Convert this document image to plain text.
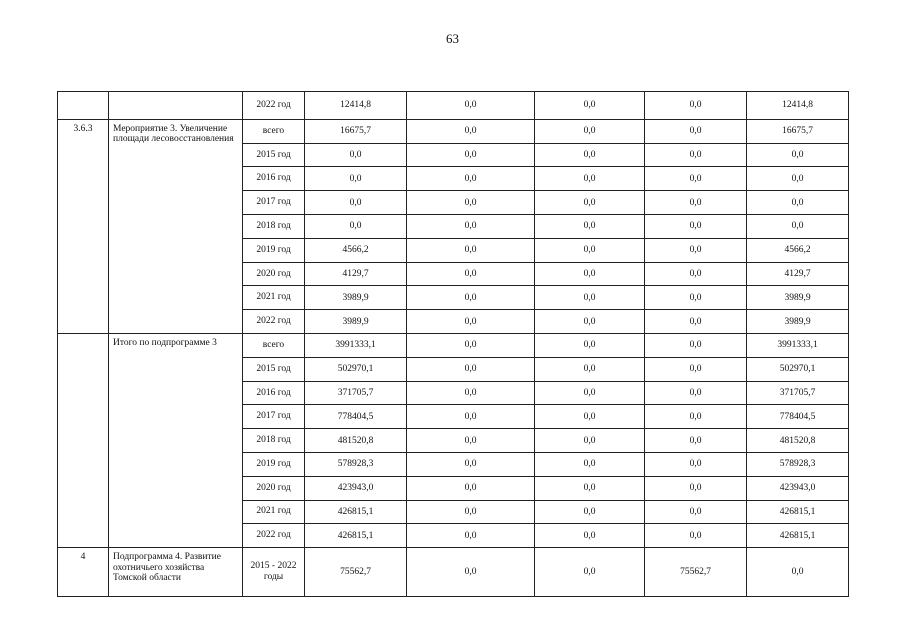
63
		2022 год	12414,8	0,0	0,0	0,0	12414,8
3.6.3	Мероприятие 3. Увеличение площади лесовосстановления	всего	16675,7	0,0	0,0	0,0	16675,7
		2015 год	0,0	0,0	0,0	0,0	0,0
		2016 год	0,0	0,0	0,0	0,0	0,0
		2017 год	0,0	0,0	0,0	0,0	0,0
		2018 год	0,0	0,0	0,0	0,0	0,0
		2019 год	4566,2	0,0	0,0	0,0	4566,2
		2020 год	4129,7	0,0	0,0	0,0	4129,7
		2021 год	3989,9	0,0	0,0	0,0	3989,9
		2022 год	3989,9	0,0	0,0	0,0	3989,9
	Итого по подпрограмме 3	всего	3991333,1	0,0	0,0	0,0	3991333,1
		2015 год	502970,1	0,0	0,0	0,0	502970,1
		2016 год	371705,7	0,0	0,0	0,0	371705,7
		2017 год	778404,5	0,0	0,0	0,0	778404,5
		2018 год	481520,8	0,0	0,0	0,0	481520,8
		2019 год	578928,3	0,0	0,0	0,0	578928,3
		2020 год	423943,0	0,0	0,0	0,0	423943,0
		2021 год	426815,1	0,0	0,0	0,0	426815,1
		2022 год	426815,1	0,0	0,0	0,0	426815,1
4	Подпрограмма 4. Развитие охотничьего хозяйства Томской области	2015 - 2022 годы	75562,7	0,0	0,0	75562,7	0,0
